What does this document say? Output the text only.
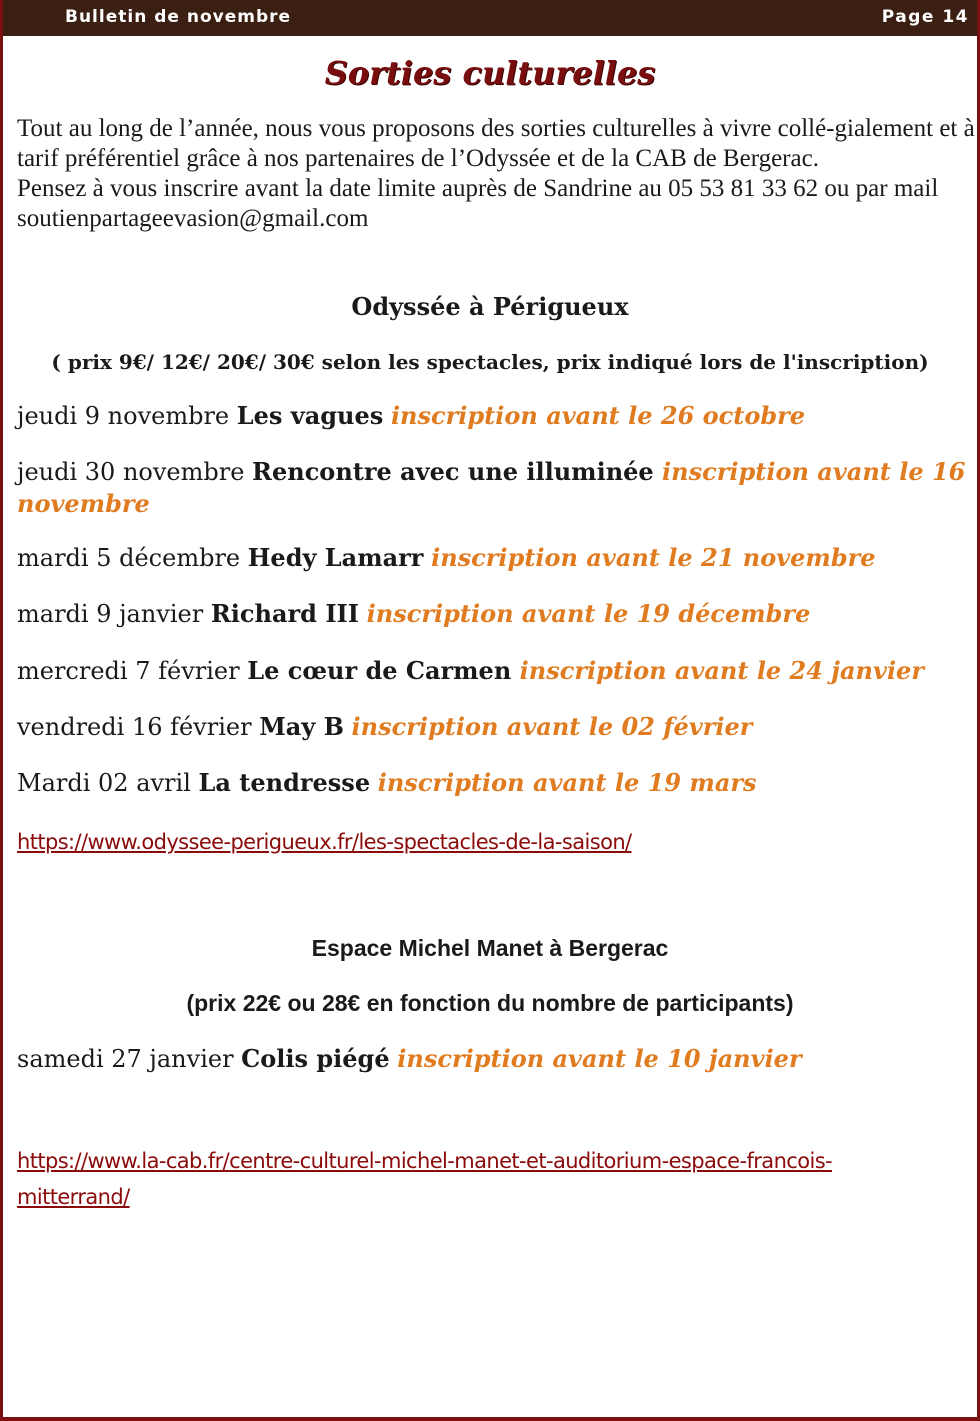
Bulletin de novembre	Page 14
Sorties culturelles

Tout au long de l’année, nous vous proposons des sorties culturelles à vivre collé-gialement et à tarif préférentiel grâce à nos partenaires de l’Odyssée et de la CAB de Bergerac.

Pensez à vous inscrire avant la date limite auprès de Sandrine au 05 53 81 33 62 ou par mail soutienpartageevasion@gmail.com

Odyssée à Périgueux
( prix 9€/ 12€/ 20€/ 30€ selon les spectacles, prix indiqué lors de l'inscription)
jeudi 9 novembre Les vagues inscription avant le 26 octobre
jeudi 30 novembre Rencontre avec une illuminée inscription avant le 16 novembre
mardi 5 décembre Hedy Lamarr inscription avant le 21 novembre
mardi 9 janvier Richard III inscription avant le 19 décembre
mercredi 7 février Le cœur de Carmen inscription avant le 24 janvier
vendredi 16 février May B inscription avant le 02 février
Mardi 02 avril La tendresse inscription avant le 19 mars
https://www.odyssee-perigueux.fr/les-spectacles-de-la-saison/
Espace Michel Manet à Bergerac
(prix 22€ ou 28€ en fonction du nombre de participants)
samedi 27 janvier Colis piégé inscription avant le 10 janvier
https://www.la-cab.fr/centre-culturel-michel-manet-et-auditorium-espace-francois-
mitterrand/
